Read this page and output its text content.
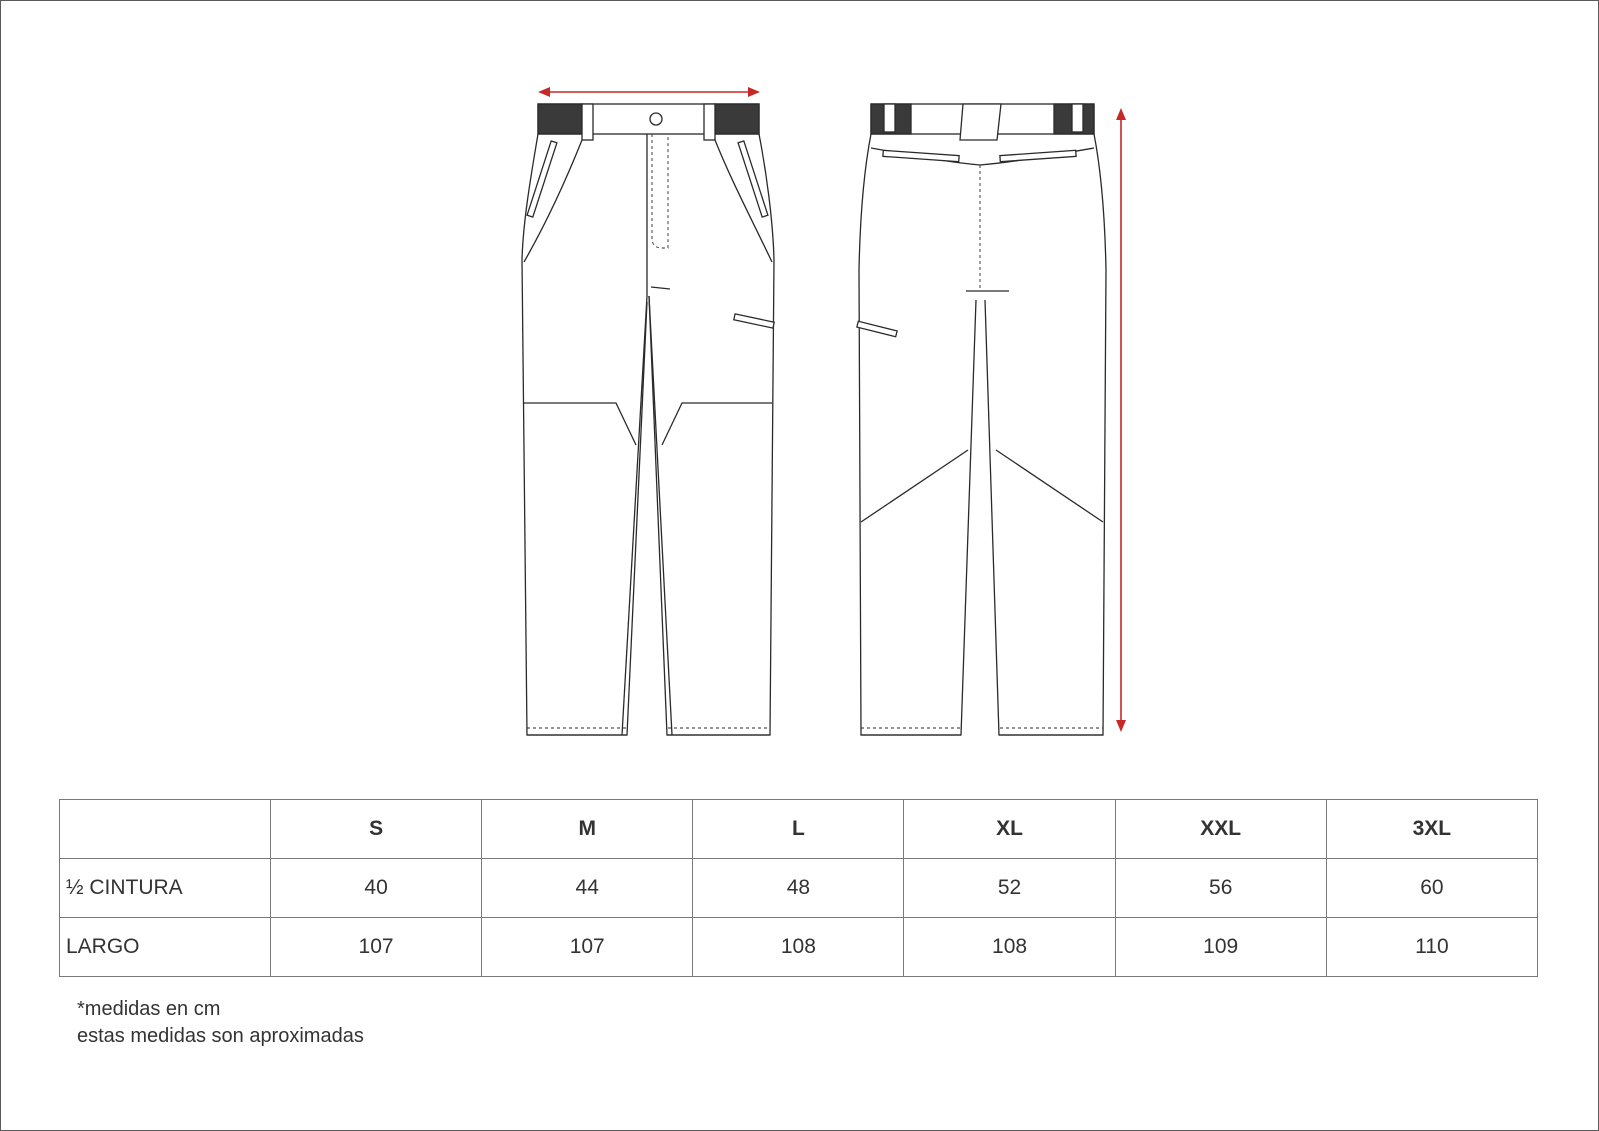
	S	M	L	XL	XXL	3XL
½ CINTURA	40	44	48	52	56	60
LARGO	107	107	108	108	109	110
*medidas en cm
estas medidas son aproximadas
